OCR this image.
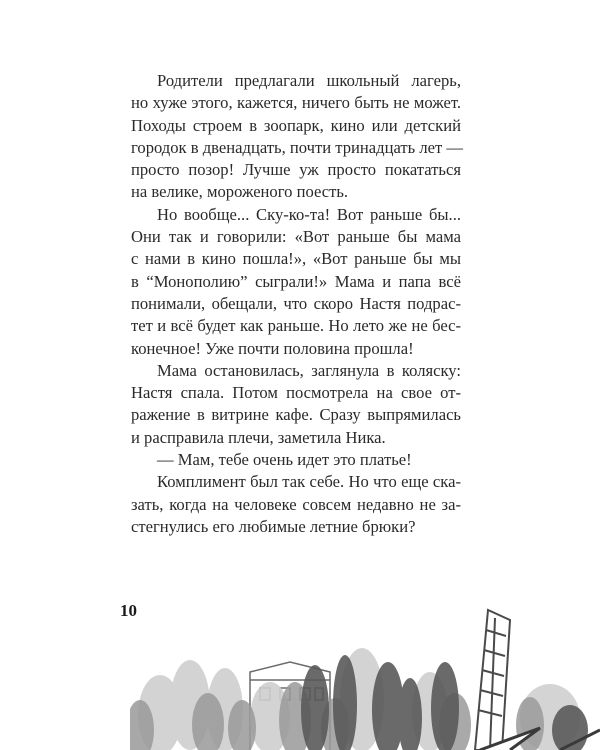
Родители предлагали школьный лагерь,
но хуже этого, кажется, ничего быть не может.
Походы строем в зоопарк, кино или детский
городок в двенадцать, почти тринадцать лет —
просто позор! Лучше уж просто покататься
на велике, мороженого поесть.

Но вообще... Ску-ко-та! Вот раньше бы...
Они так и говорили: «Вот раньше бы мама
с нами в кино пошла!», «Вот раньше бы мы
в “Монополию” сыграли!» Мама и папа всё
понимали, обещали, что скоро Настя подрас-
тет и всё будет как раньше. Но лето же не бес-
конечное! Уже почти половина прошла!

Мама остановилась, заглянула в коляску:
Настя спала. Потом посмотрела на свое от-
ражение в витрине кафе. Сразу выпрямилась
и расправила плечи, заметила Ника.

— Мам, тебе очень идет это платье!

Комплимент был так себе. Но что еще ска-
зать, когда на человеке совсем недавно не за-
стегнулись его любимые летние брюки?

10
